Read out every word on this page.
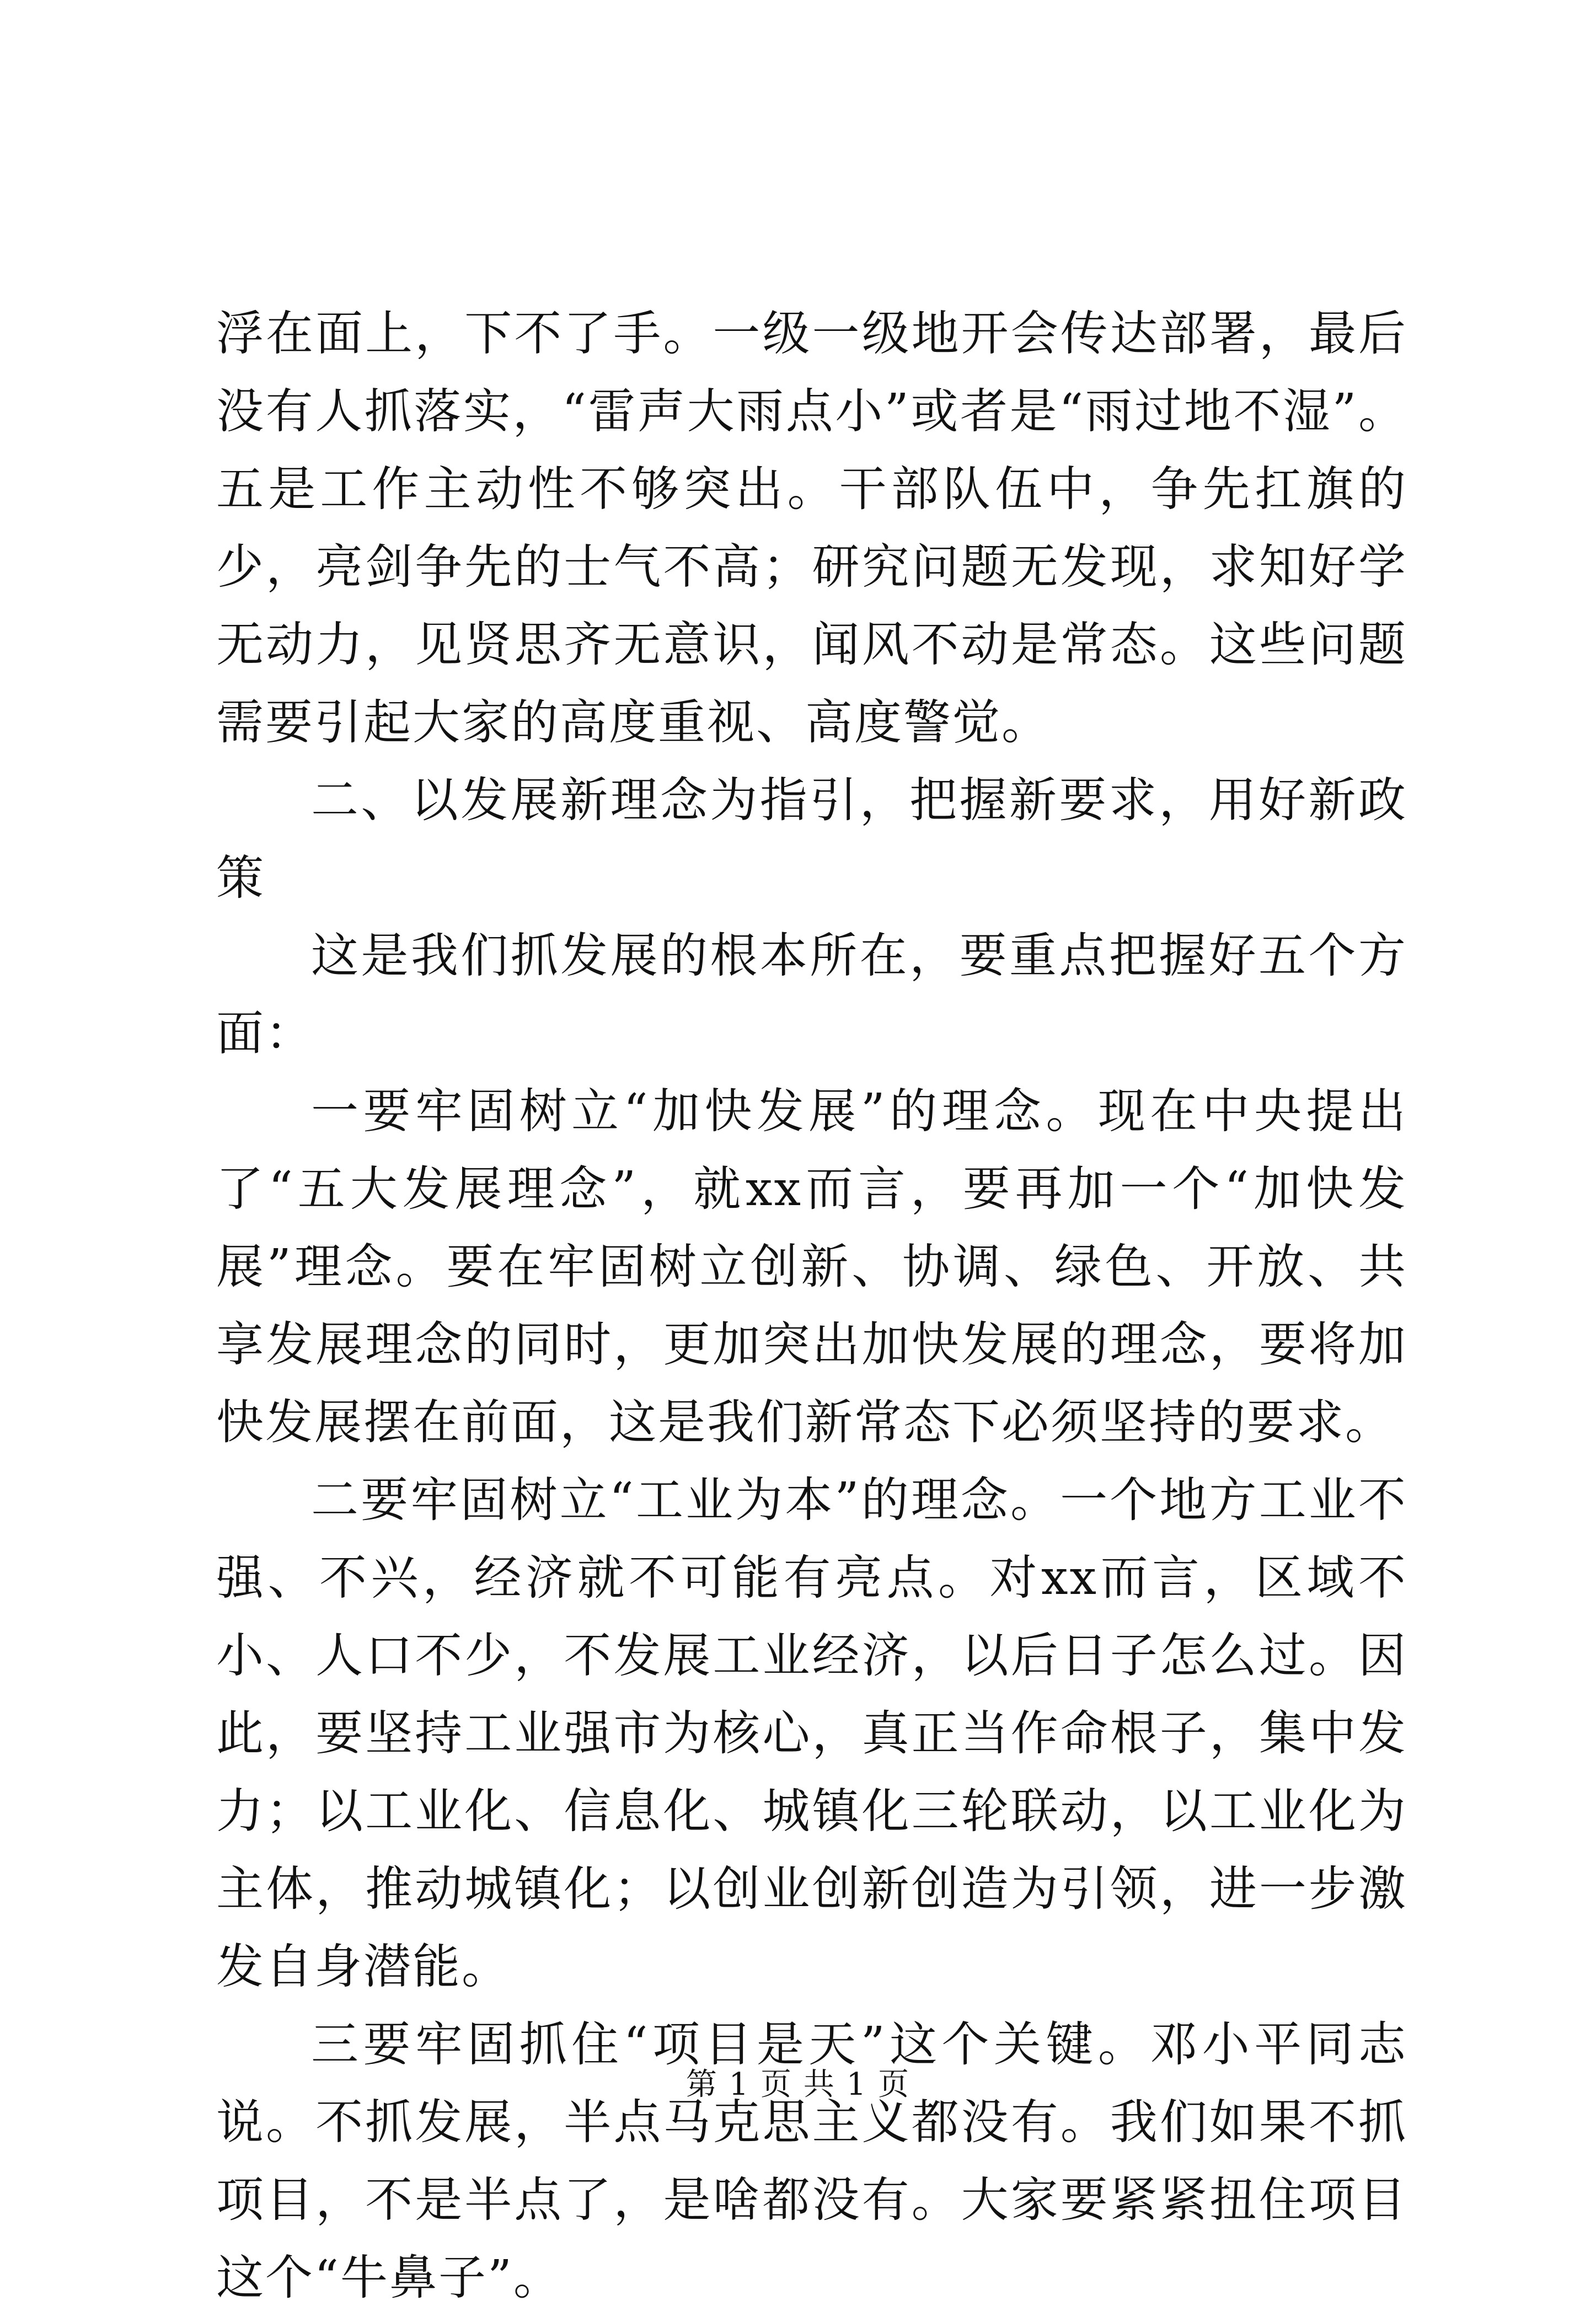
浮在面上，下不了手。一级一级地开会传达部署，最后没有人抓落实，“雷声大雨点小”或者是“雨过地不湿”。五是工作主动性不够突出。干部队伍中，争先扛旗的少，亮剑争先的士气不高；研究问题无发现，求知好学无动力，见贤思齐无意识，闻风不动是常态。这些问题需要引起大家的高度重视、高度警觉。

二、以发展新理念为指引，把握新要求，用好新政策

这是我们抓发展的根本所在，要重点把握好五个方面：

一要牢固树立“加快发展”的理念。现在中央提出了“五大发展理念”，就xx而言，要再加一个“加快发展”理念。要在牢固树立创新、协调、绿色、开放、共享发展理念的同时，更加突出加快发展的理念，要将加快发展摆在前面，这是我们新常态下必须坚持的要求。

二要牢固树立“工业为本”的理念。一个地方工业不强、不兴，经济就不可能有亮点。对xx而言，区域不小、人口不少，不发展工业经济，以后日子怎么过。因此，要坚持工业强市为核心，真正当作命根子，集中发力；以工业化、信息化、城镇化三轮联动，以工业化为主体，推动城镇化；以创业创新创造为引领，进一步激发自身潜能。

三要牢固抓住“项目是天”这个关键。邓小平同志说。不抓发展，半点马克思主义都没有。我们如果不抓项目，不是半点了，是啥都没有。大家要紧紧扭住项目这个“牛鼻子”。

第 1 页 共 1 页
